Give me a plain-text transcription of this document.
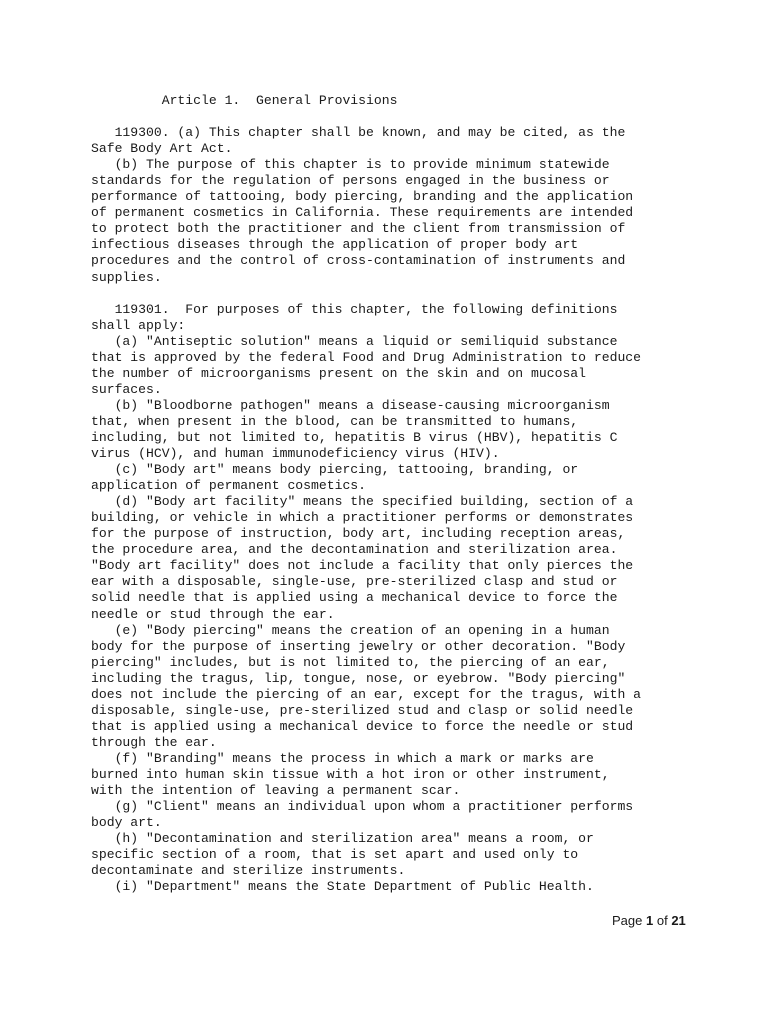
Article 1.  General Provisions

119300. (a) This chapter shall be known, and may be cited, as the
Safe Body Art Act.
(b) The purpose of this chapter is to provide minimum statewide
standards for the regulation of persons engaged in the business or
performance of tattooing, body piercing, branding and the application
of permanent cosmetics in California. These requirements are intended
to protect both the practitioner and the client from transmission of
infectious diseases through the application of proper body art
procedures and the control of cross-contamination of instruments and
supplies.

119301.  For purposes of this chapter, the following definitions
shall apply:
(a) "Antiseptic solution" means a liquid or semiliquid substance
that is approved by the federal Food and Drug Administration to reduce
the number of microorganisms present on the skin and on mucosal
surfaces.
(b) "Bloodborne pathogen" means a disease-causing microorganism
that, when present in the blood, can be transmitted to humans,
including, but not limited to, hepatitis B virus (HBV), hepatitis C
virus (HCV), and human immunodeficiency virus (HIV).
(c) "Body art" means body piercing, tattooing, branding, or
application of permanent cosmetics.
(d) "Body art facility" means the specified building, section of a
building, or vehicle in which a practitioner performs or demonstrates
for the purpose of instruction, body art, including reception areas,
the procedure area, and the decontamination and sterilization area.
"Body art facility" does not include a facility that only pierces the
ear with a disposable, single-use, pre-sterilized clasp and stud or
solid needle that is applied using a mechanical device to force the
needle or stud through the ear.
(e) "Body piercing" means the creation of an opening in a human
body for the purpose of inserting jewelry or other decoration. "Body
piercing" includes, but is not limited to, the piercing of an ear,
including the tragus, lip, tongue, nose, or eyebrow. "Body piercing"
does not include the piercing of an ear, except for the tragus, with a
disposable, single-use, pre-sterilized stud and clasp or solid needle
that is applied using a mechanical device to force the needle or stud
through the ear.
(f) "Branding" means the process in which a mark or marks are
burned into human skin tissue with a hot iron or other instrument,
with the intention of leaving a permanent scar.
(g) "Client" means an individual upon whom a practitioner performs
body art.
(h) "Decontamination and sterilization area" means a room, or
specific section of a room, that is set apart and used only to
decontaminate and sterilize instruments.
(i) "Department" means the State Department of Public Health.
Page 1 of 21
